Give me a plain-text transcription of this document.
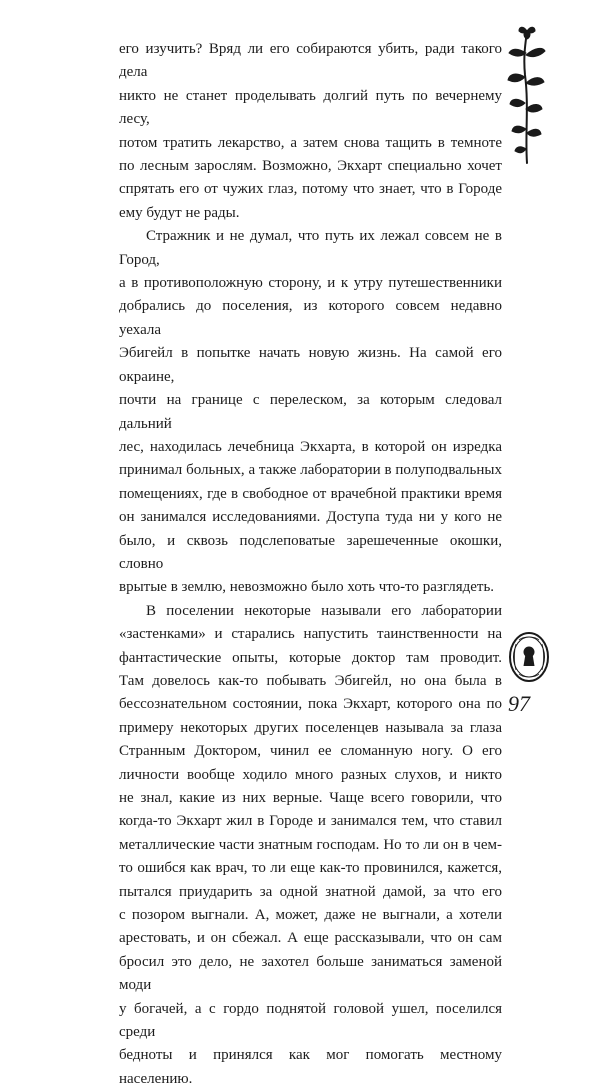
его изучить? Вряд ли его собираются убить, ради такого дела
никто не станет проделывать долгий путь по вечернему лесу,
потом тратить лекарство, а затем снова тащить в темноте
по лесным зарослям. Возможно, Экхарт специально хочет
спрятать его от чужих глаз, потому что знает, что в Городе
ему будут не рады.

Стражник и не думал, что путь их лежал совсем не в Город,
а в противоположную сторону, и к утру путешественники
добрались до поселения, из которого совсем недавно уехала
Эбигейл в попытке начать новую жизнь. На самой его окраине,
почти на границе с перелеском, за которым следовал дальний
лес, находилась лечебница Экхарта, в которой он изредка
принимал больных, а также лаборатории в полуподвальных
помещениях, где в свободное от врачебной практики время
он занимался исследованиями. Доступа туда ни у кого не
было, и сквозь подслеповатые зарешеченные окошки, словно
врытые в землю, невозможно было хоть что-то разглядеть.

В поселении некоторые называли его лаборатории
«застенками» и старались напустить таинственности на
фантастические опыты, которые доктор там проводит.
Там довелось как-то побывать Эбигейл, но она была в
бессознательном состоянии, пока Экхарт, которого она по
примеру некоторых других поселенцев называла за глаза
Странным Доктором, чинил ее сломанную ногу. О его
личности вообще ходило много разных слухов, и никто
не знал, какие из них верные. Чаще всего говорили, что
когда-то Экхарт жил в Городе и занимался тем, что ставил
металлические части знатным господам. Но то ли он в чем-
то ошибся как врач, то ли еще как-то провинился, кажется,
пытался приударить за одной знатной дамой, за что его
с позором выгнали. А, может, даже не выгнали, а хотели
арестовать, и он сбежал. А еще рассказывали, что он сам
бросил это дело, не захотел больше заниматься заменой моди
у богачей, а с гордо поднятой головой ушел, поселился среди
бедноты и принялся как мог помогать местному населению.

97
